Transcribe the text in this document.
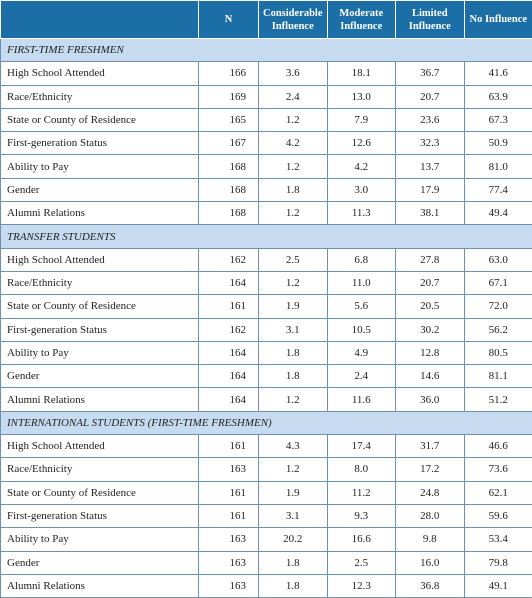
	N	Considerable Influence	Moderate Influence	Limited Influence	No Influence
FIRST-TIME FRESHMEN					
High School Attended	166	3.6	18.1	36.7	41.6
Race/Ethnicity	169	2.4	13.0	20.7	63.9
State or County of Residence	165	1.2	7.9	23.6	67.3
First-generation Status	167	4.2	12.6	32.3	50.9
Ability to Pay	168	1.2	4.2	13.7	81.0
Gender	168	1.8	3.0	17.9	77.4
Alumni Relations	168	1.2	11.3	38.1	49.4
TRANSFER STUDENTS					
High School Attended	162	2.5	6.8	27.8	63.0
Race/Ethnicity	164	1.2	11.0	20.7	67.1
State or County of Residence	161	1.9	5.6	20.5	72.0
First-generation Status	162	3.1	10.5	30.2	56.2
Ability to Pay	164	1.8	4.9	12.8	80.5
Gender	164	1.8	2.4	14.6	81.1
Alumni Relations	164	1.2	11.6	36.0	51.2
INTERNATIONAL STUDENTS (FIRST-TIME FRESHMEN)					
High School Attended	161	4.3	17.4	31.7	46.6
Race/Ethnicity	163	1.2	8.0	17.2	73.6
State or County of Residence	161	1.9	11.2	24.8	62.1
First-generation Status	161	3.1	9.3	28.0	59.6
Ability to Pay	163	20.2	16.6	9.8	53.4
Gender	163	1.8	2.5	16.0	79.8
Alumni Relations	163	1.8	12.3	36.8	49.1
